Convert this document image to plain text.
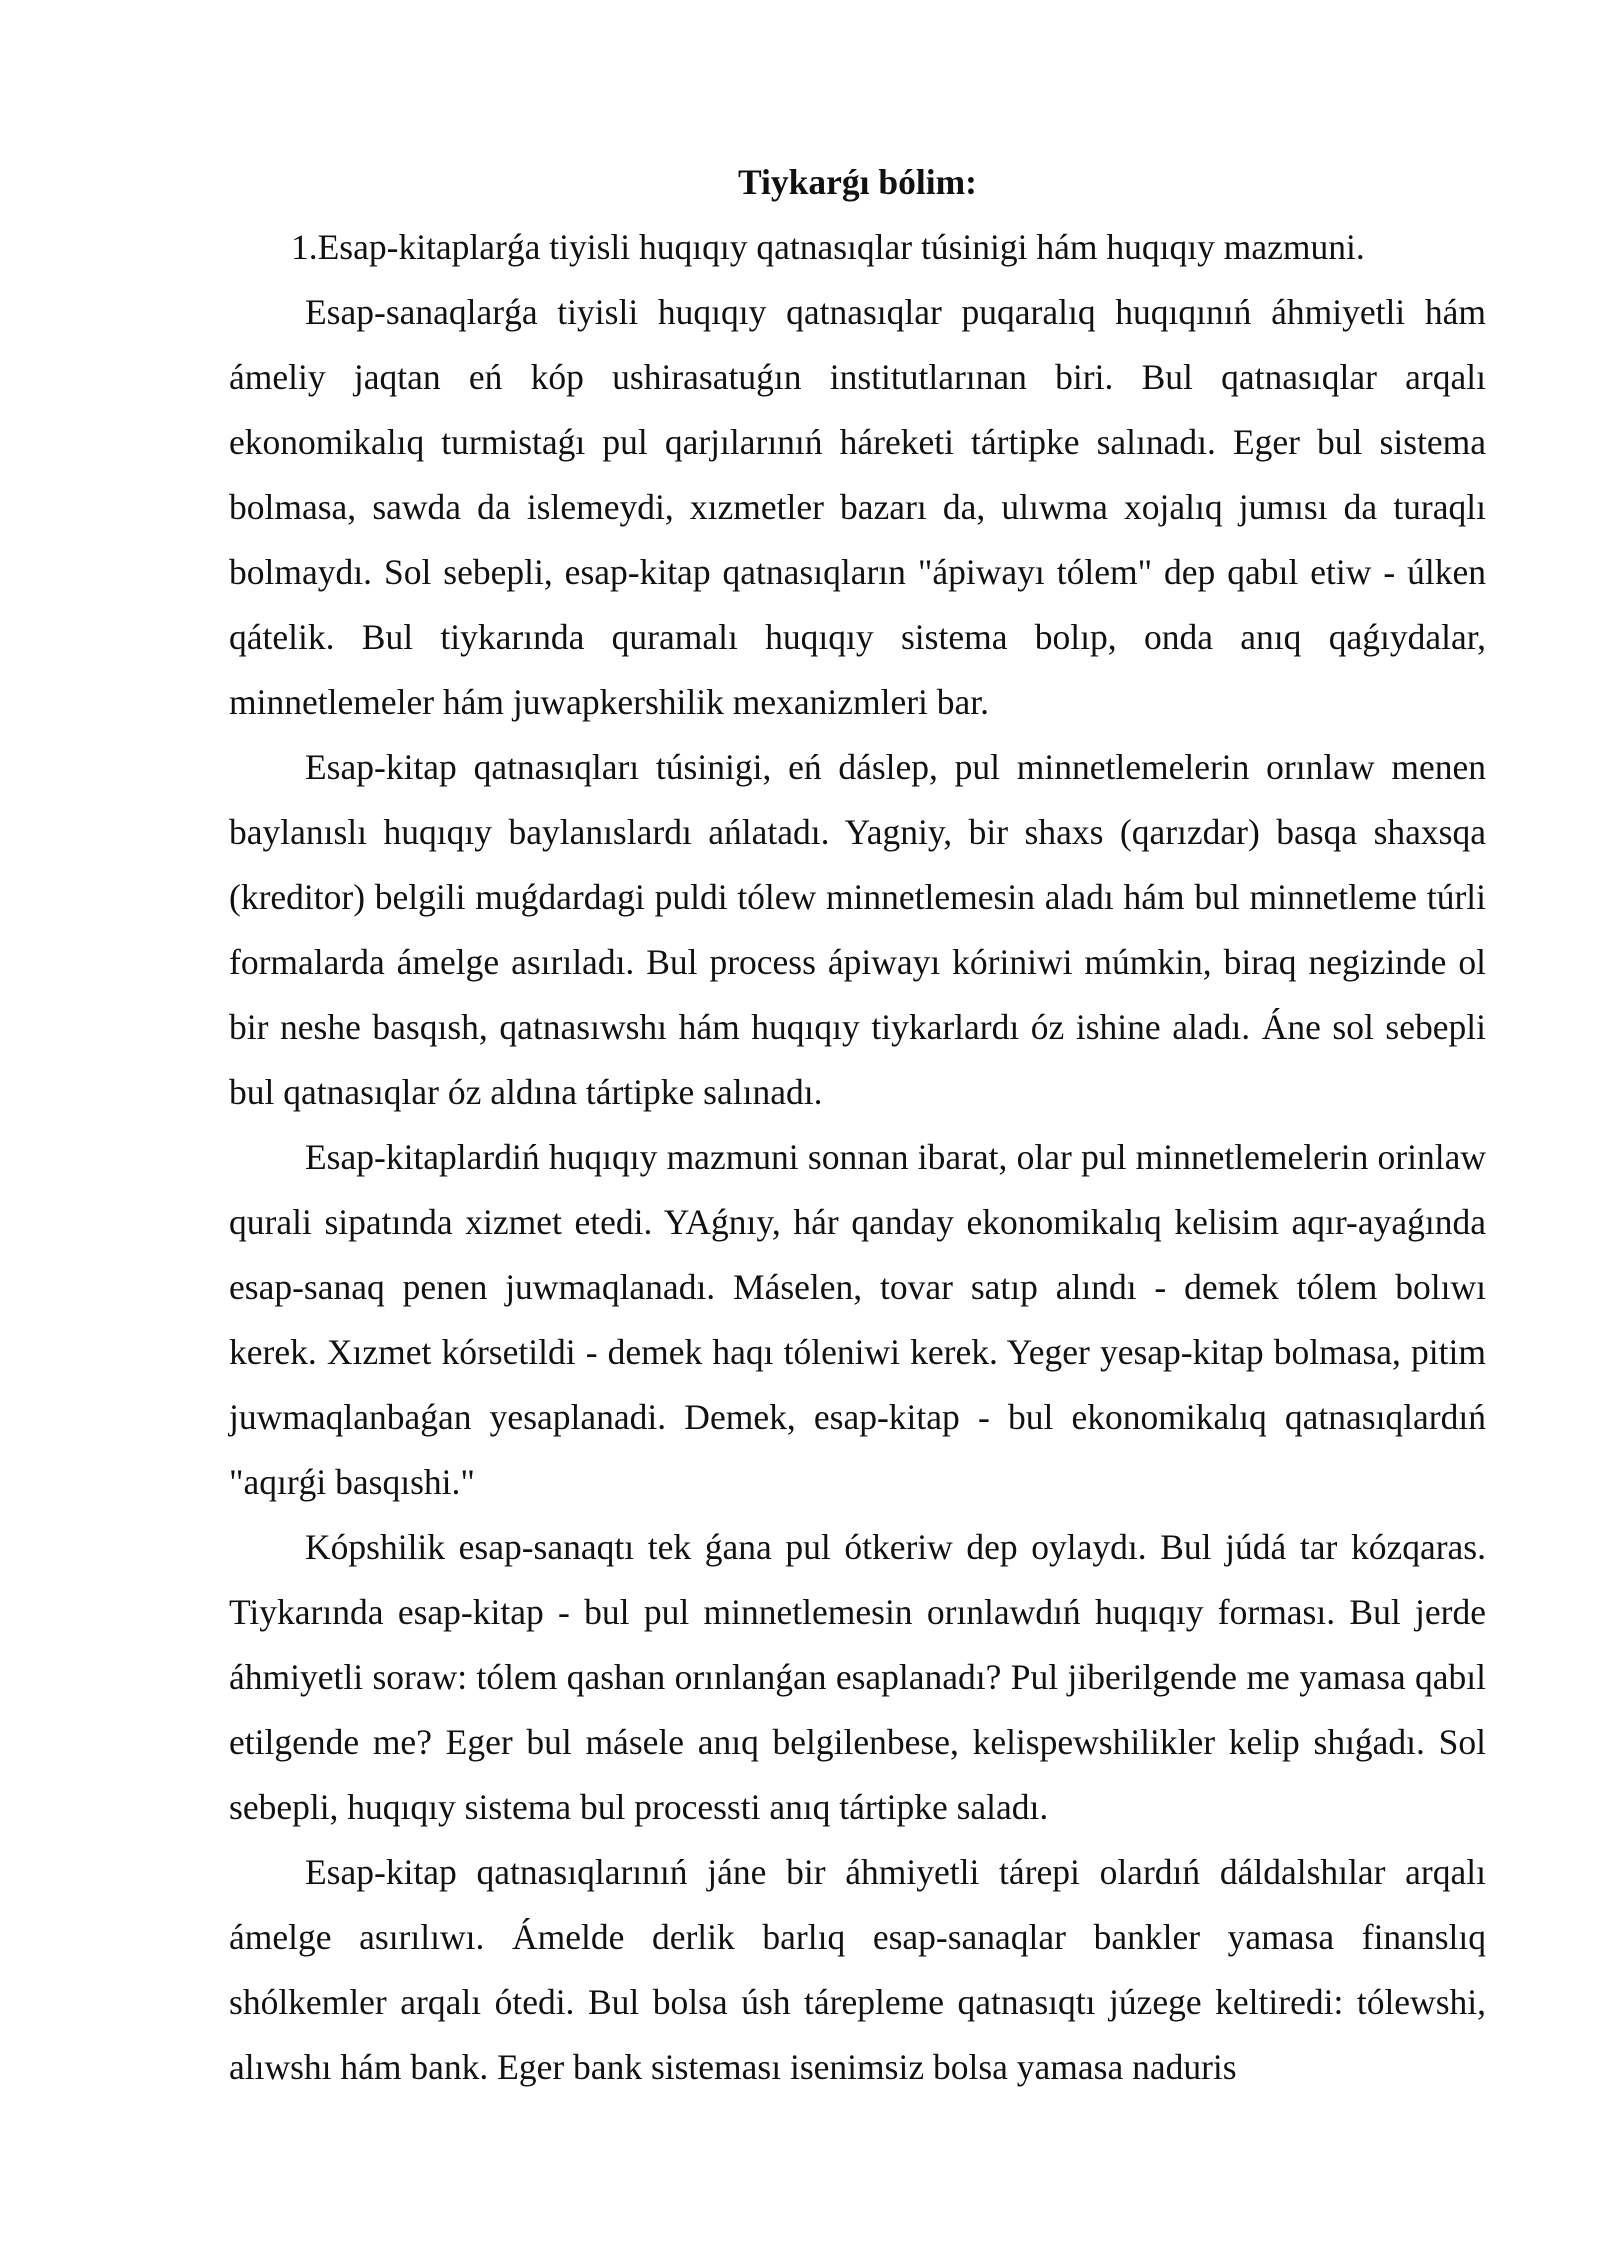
Tiykarǵı bólim:

1.Esap-kitaplarǵa tiyisli huqıqıy qatnasıqlar túsinigi hám huqıqıy mazmuni.

Esap-sanaqlarǵa tiyisli huqıqıy qatnasıqlar puqaralıq huqıqınıń áhmiyetli hám ámeliy jaqtan eń kóp ushirasatuǵın institutlarınan biri. Bul qatnasıqlar arqalı ekonomikalıq turmistaǵı pul qarjılarınıń háreketi tártipke salınadı. Eger bul sistema bolmasa, sawda da islemeydi, xızmetler bazarı da, ulıwma xojalıq jumısı da turaqlı bolmaydı. Sol sebepli, esap-kitap qatnasıqların "ápiwayı tólem" dep qabıl etiw - úlken qátelik. Bul tiykarında quramalı huqıqıy sistema bolıp, onda anıq qaǵıydalar, minnetlemeler hám juwapkershilik mexanizmleri bar.

Esap-kitap qatnasıqları túsinigi, eń dáslep, pul minnetlemelerin orınlaw menen baylanıslı huqıqıy baylanıslardı ańlatadı. Yagniy, bir shaxs (qarızdar) basqa shaxsqa (kreditor) belgili muǵdardagi puldi tólew minnetlemesin aladı hám bul minnetleme túrli formalarda ámelge asırıladı. Bul process ápiwayı kóriniwi múmkin, biraq negizinde ol bir neshe basqısh, qatnasıwshı hám huqıqıy tiykarlardı óz ishine aladı. Áne sol sebepli bul qatnasıqlar óz aldına tártipke salınadı.

Esap-kitaplardiń huqıqıy mazmuni sonnan ibarat, olar pul minnetlemelerin orinlaw qurali sipatında xizmet etedi. YAǵnıy, hár qanday ekonomikalıq kelisim aqır-ayaǵında esap-sanaq penen juwmaqlanadı. Máselen, tovar satıp alındı - demek tólem bolıwı kerek. Xızmet kórsetildi - demek haqı tóleniwi kerek. Yeger yesap-kitap bolmasa, pitim juwmaqlanbaǵan yesaplanadi. Demek, esap-kitap - bul ekonomikalıq qatnasıqlardıń "aqırǵi basqıshi."

Kópshilik esap-sanaqtı tek ǵana pul ótkeriw dep oylaydı. Bul júdá tar kózqaras. Tiykarında esap-kitap - bul pul minnetlemesin orınlawdıń huqıqıy forması. Bul jerde áhmiyetli soraw: tólem qashan orınlanǵan esaplanadı? Pul jiberilgende me yamasa qabıl etilgende me? Eger bul másele anıq belgilenbese, kelispewshilikler kelip shıǵadı. Sol sebepli, huqıqıy sistema bul processti anıq tártipke saladı.

Esap-kitap qatnasıqlarınıń jáne bir áhmiyetli tárepi olardıń dáldalshılar arqalı ámelge asırılıwı. Ámelde derlik barlıq esap-sanaqlar bankler yamasa finanslıq shólkemler arqalı ótedi. Bul bolsa úsh tárepleme qatnasıqtı júzege keltiredi: tólewshi, alıwshı hám bank. Eger bank sisteması isenimsiz bolsa yamasa naduris
